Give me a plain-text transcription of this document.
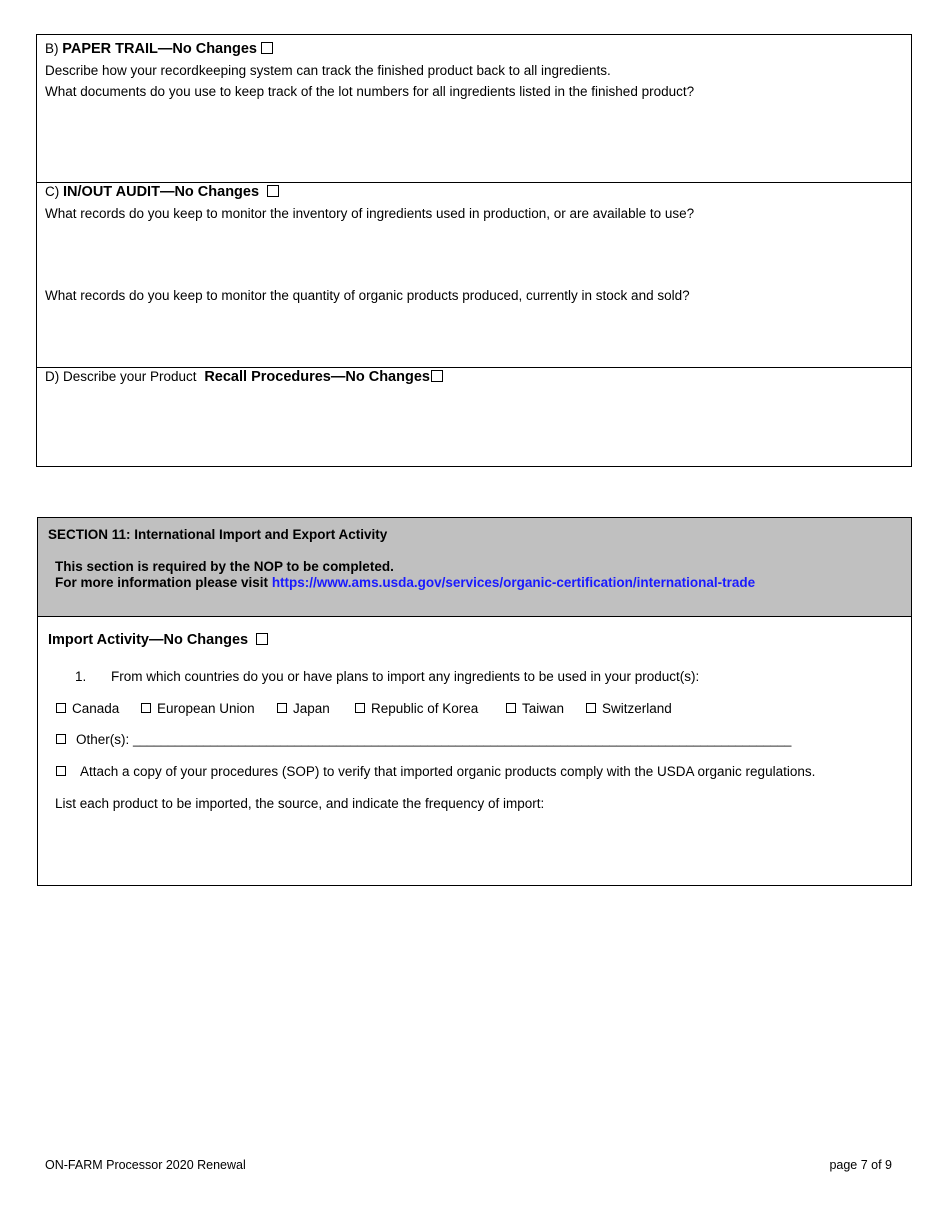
B) PAPER TRAIL—No Changes
Describe how your recordkeeping system can track the finished product back to all ingredients.
What documents do you use to keep track of the lot numbers for all ingredients listed in the finished product?
C) IN/OUT AUDIT—No Changes
What records do you keep to monitor the inventory of ingredients used in production, or are available to use?
What records do you keep to monitor the quantity of organic products produced, currently in stock and sold?
D) Describe your Product Recall Procedures—No Changes
SECTION 11: International Import and Export Activity
This section is required by the NOP to be completed.
For more information please visit https://www.ams.usda.gov/services/organic-certification/international-trade
Import Activity—No Changes
1. From which countries do you or have plans to import any ingredients to be used in your product(s):
Canada	European Union	Japan	Republic of Korea	Taiwan	Switzerland
Other(s): ______________________________________________________________________________________________
Attach a copy of your procedures (SOP) to verify that imported organic products comply with the USDA organic regulations.
List each product to be imported, the source, and indicate the frequency of import:
ON-FARM Processor 2020 Renewal	page 7 of 9
